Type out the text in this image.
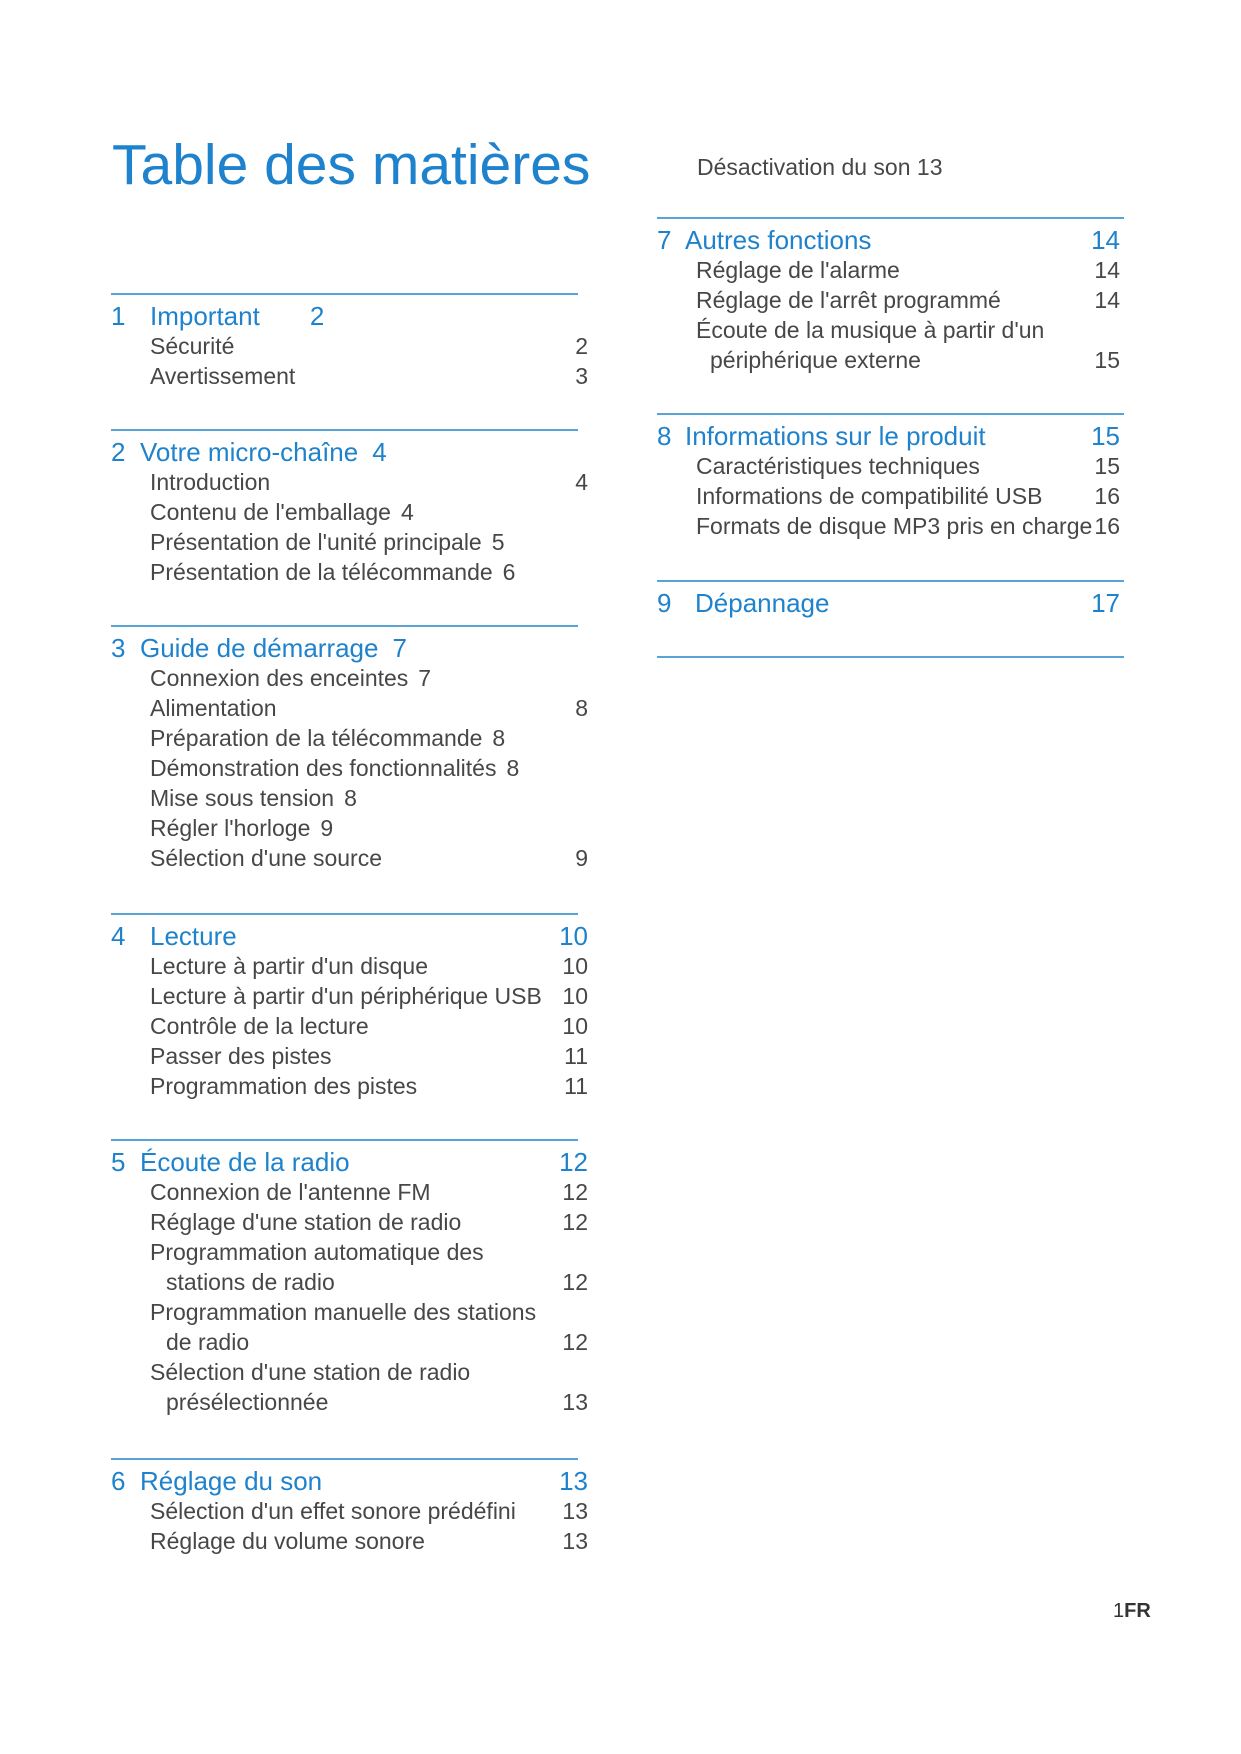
Table des matières	Désactivation du son 13
1 Important 2
Sécurité	2
Avertissement	3
2 Votre micro-chaîne 4
Introduction	4
Contenu de l'emballage 4
Présentation de l'unité principale 5
Présentation de la télécommande 6
3 Guide de démarrage 7
Connexion des enceintes 7
Alimentation	8
Préparation de la télécommande 8
Démonstration des fonctionnalités 8
Mise sous tension 8
Régler l'horloge 9
Sélection d'une source	9
4 Lecture	10
Lecture à partir d'un disque	10
Lecture à partir d'un périphérique USB 10
Contrôle de la lecture	10
Passer des pistes	11
Programmation des pistes	11
5 Écoute de la radio	12
Connexion de l'antenne FM	12
Réglage d'une station de radio	12
Programmation automatique des
stations de radio	12
Programmation manuelle des stations
de radio	12
Sélection d'une station de radio
présélectionnée	13
6 Réglage du son	13
Sélection d'un effet sonore prédéfini	13
Réglage du volume sonore	13
7 Autres fonctions	14
Réglage de l'alarme	14
Réglage de l'arrêt programmé	14
Écoute de la musique à partir d'un
périphérique externe	15
8 Informations sur le produit	15
Caractéristiques techniques	15
Informations de compatibilité USB	16
Formats de disque MP3 pris en charge 16
9 Dépannage	17
1FR
